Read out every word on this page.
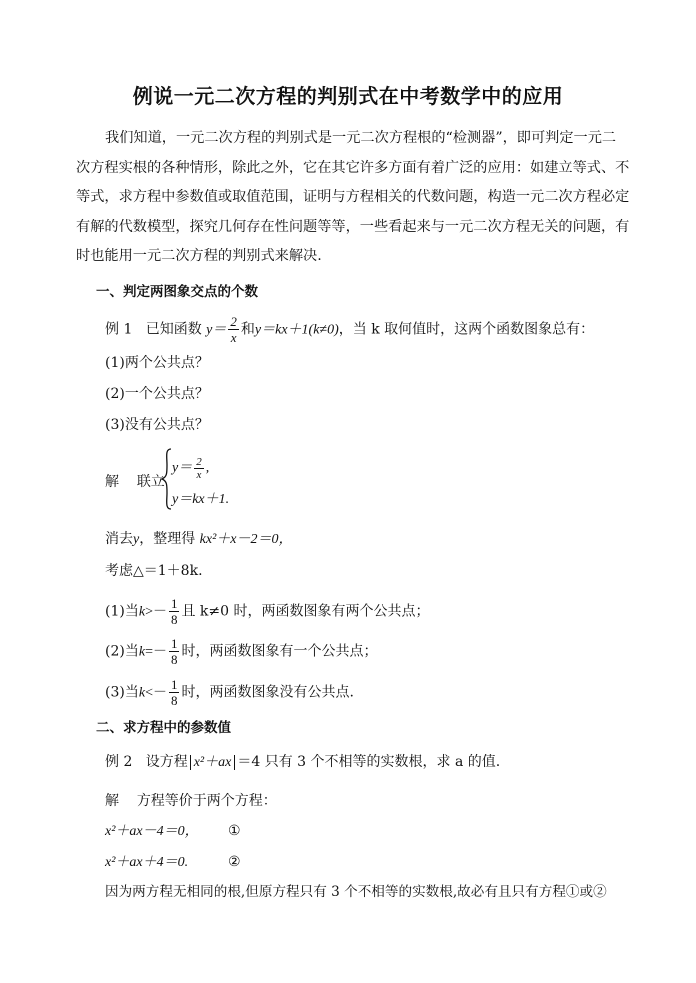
例说一元二次方程的判别式在中考数学中的应用
我们知道，一元二次方程的判别式是一元二次方程根的“检测器”，即可判定一元二
次方程实根的各种情形，除此之外，它在其它许多方面有着广泛的应用：如建立等式、不
等式，求方程中参数值或取值范围，证明与方程相关的代数问题，构造一元二次方程必定
有解的代数模型，探究几何存在性问题等等，一些看起来与一元二次方程无关的问题，有
时也能用一元二次方程的判别式来解决.
一、判定两图象交点的个数
例 1 已知函数 $y= \frac{2}{x}$ 和y＝kx＋1(k≠0)，当 k 取何值时，这两个函数图象总有：
(1)两个公共点？
(2)一个公共点？
(3)没有公共点？
解 联立
$y= \frac{2}{x}$ ,
y＝kx＋1.
消去y，整理得 kx²＋x－2＝0，
考虑△＝1＋8k.
(1)当$k>- \frac{1}{8}$ 且 k≠0 时，两函数图象有两个公共点；
(2)当$k=- \frac{1}{8}$ 时，两函数图象有一个公共点；
(3)当$k<- \frac{1}{8}$ 时，两函数图象没有公共点.
二、求方程中的参数值
例 2 设方程 x²＋ax ＝4 只有 3 个不相等的实数根，求 a 的值.
解 方程等价于两个方程：
x²＋ax－4＝0， ①
x²＋ax＋4＝0.	②
因为两方程无相同的根,但原方程只有 3 个不相等的实数根,故必有且只有方程①或②
